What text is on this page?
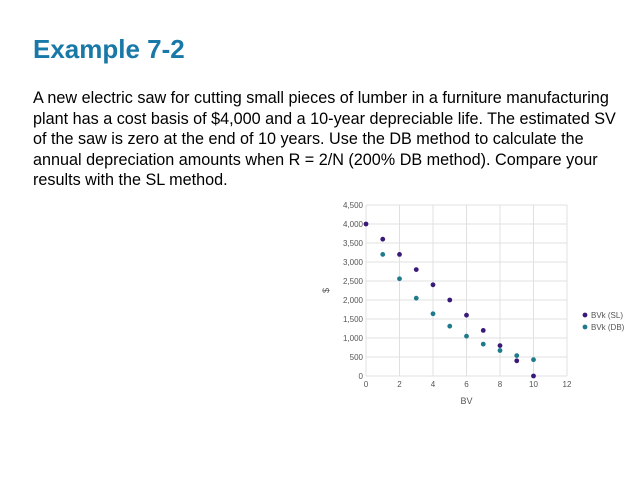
Example 7-2
A new electric saw for cutting small pieces of lumber in a furniture manufacturing plant has a cost basis of $4,000 and a 10-year depreciable life. The estimated SV of the saw is zero at the end of 10 years. Use the DB method to calculate the annual depreciation amounts when R = 2/N (200% DB method). Compare your results with the SL method.
0
500
1,000
1,500
2,000
2,500
3,000
3,500
4,000
4,500
0	2	4	6	8	10	12
BV
$
BVk (SL)
BVk (DB)
